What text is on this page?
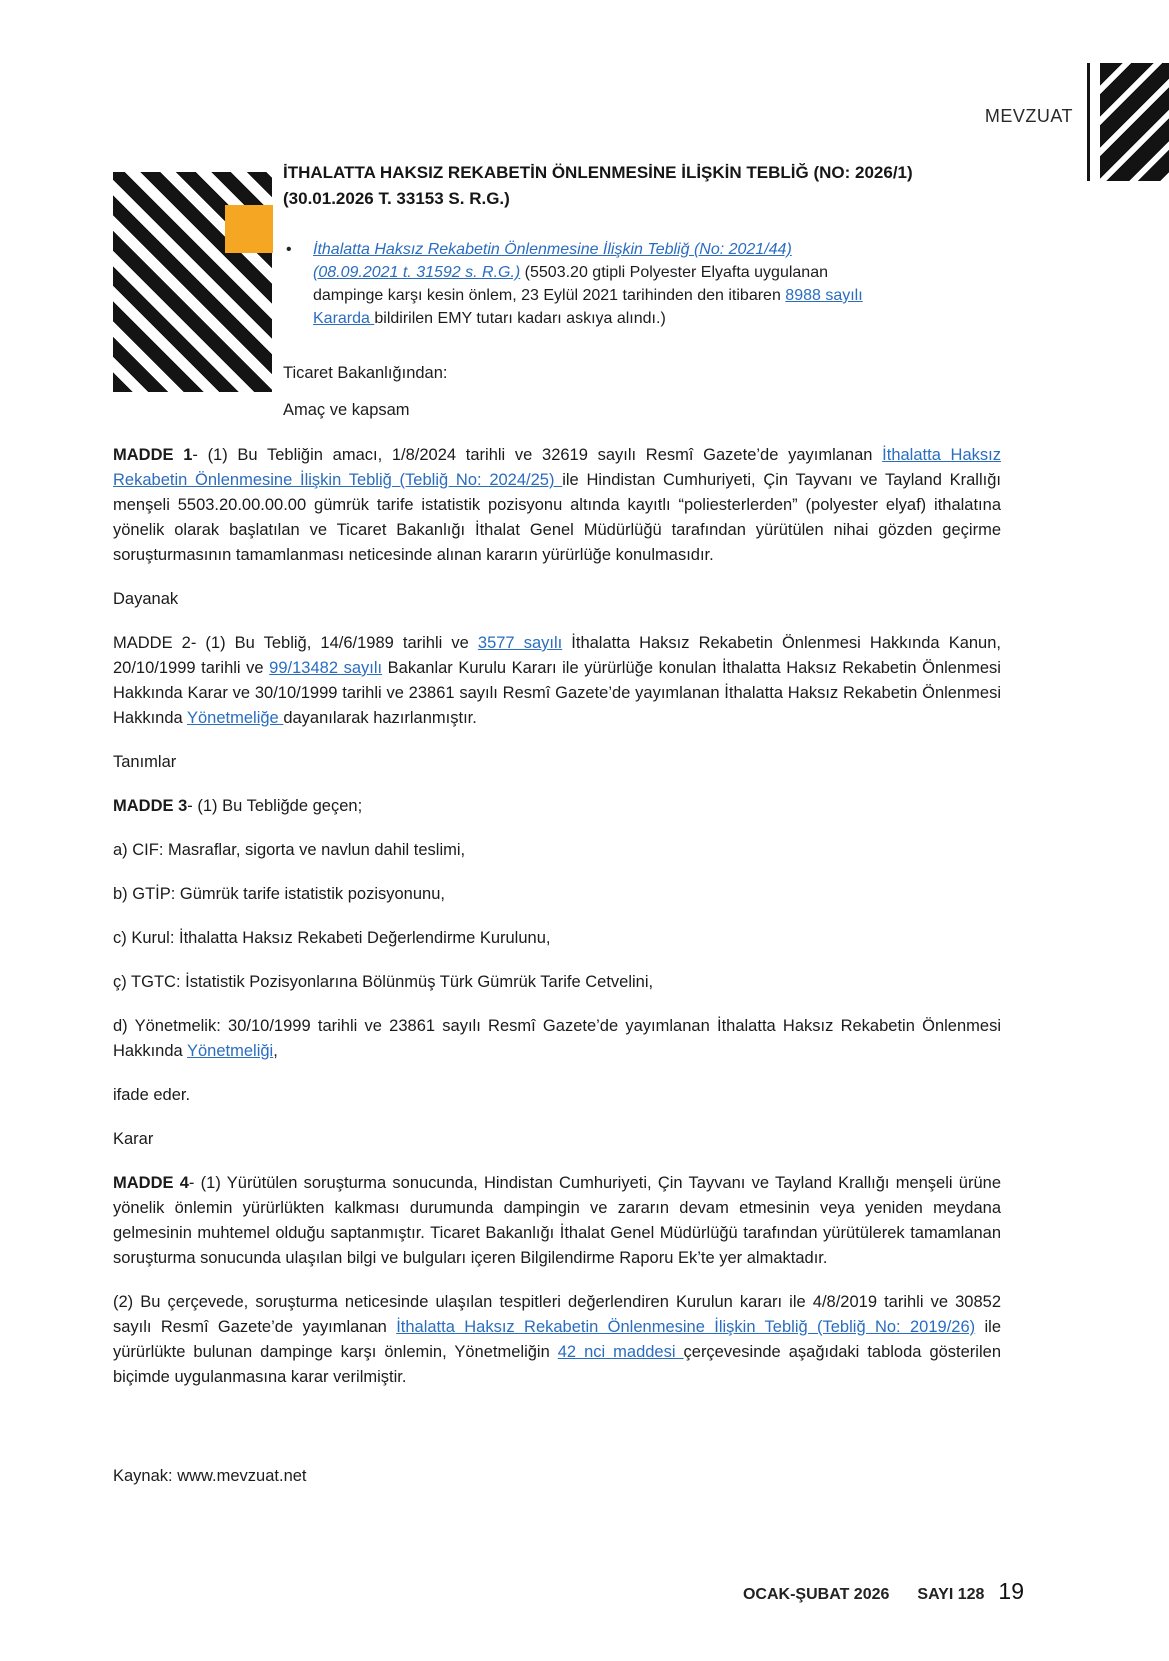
MEVZUAT
İTHALATTA HAKSIZ REKABETİN ÖNLENMESİNE İLİŞKİN TEBLİĞ (NO: 2026/1) (30.01.2026 T. 33153 S. R.G.)
•	İthalatta Haksız Rekabetin Önlenmesine İlişkin Tebliğ (No: 2021/44) (08.09.2021 t. 31592 s. R.G.) (5503.20 gtipli Polyester Elyafta uygulanan dampinge karşı kesin önlem, 23 Eylül 2021 tarihinden den itibaren 8988 sayılı Kararda bildirilen EMY tutarı kadarı askıya alındı.)
Ticaret Bakanlığından:
Amaç ve kapsam

MADDE 1- (1) Bu Tebliğin amacı, 1/8/2024 tarihli ve 32619 sayılı Resmî Gazete’de yayımlanan İthalatta Haksız Rekabetin Önlenmesine İlişkin Tebliğ (Tebliğ No: 2024/25) ile Hindistan Cumhuriyeti, Çin Tayvanı ve Tayland Krallığı menşeli 5503.20.00.00.00 gümrük tarife istatistik pozisyonu altında kayıtlı “poliesterlerden” (polyester elyaf) ithalatına yönelik olarak başlatılan ve Ticaret Bakanlığı İthalat Genel Müdürlüğü tarafından yürütülen nihai gözden geçirme soruşturmasının tamamlanması neticesinde alınan kararın yürürlüğe konulmasıdır.

Dayanak

MADDE 2- (1) Bu Tebliğ, 14/6/1989 tarihli ve 3577 sayılı İthalatta Haksız Rekabetin Önlenmesi Hakkında Kanun, 20/10/1999 tarihli ve 99/13482 sayılı Bakanlar Kurulu Kararı ile yürürlüğe konulan İthalatta Haksız Rekabetin Önlenmesi Hakkında Karar ve 30/10/1999 tarihli ve 23861 sayılı Resmî Gazete’de yayımlanan İthalatta Haksız Rekabetin Önlenmesi Hakkında Yönetmeliğe dayanılarak hazırlanmıştır.

Tanımlar

MADDE 3- (1) Bu Tebliğde geçen;

a) CIF: Masraflar, sigorta ve navlun dahil teslimi,

b) GTİP: Gümrük tarife istatistik pozisyonunu,

c) Kurul: İthalatta Haksız Rekabeti Değerlendirme Kurulunu,

ç) TGTC: İstatistik Pozisyonlarına Bölünmüş Türk Gümrük Tarife Cetvelini,

d) Yönetmelik: 30/10/1999 tarihli ve 23861 sayılı Resmî Gazete’de yayımlanan İthalatta Haksız Rekabetin Önlenmesi Hakkında Yönetmeliği,

ifade eder.

Karar

MADDE 4- (1) Yürütülen soruşturma sonucunda, Hindistan Cumhuriyeti, Çin Tayvanı ve Tayland Krallığı menşeli ürüne yönelik önlemin yürürlükten kalkması durumunda dampingin ve zararın devam etmesinin veya yeniden meydana gelmesinin muhtemel olduğu saptanmıştır. Ticaret Bakanlığı İthalat Genel Müdürlüğü tarafından yürütülerek tamamlanan soruşturma sonucunda ulaşılan bilgi ve bulguları içeren Bilgilendirme Raporu Ek’te yer almaktadır.

(2) Bu çerçevede, soruşturma neticesinde ulaşılan tespitleri değerlendiren Kurulun kararı ile 4/8/2019 tarihli ve 30852 sayılı Resmî Gazete’de yayımlanan İthalatta Haksız Rekabetin Önlenmesine İlişkin Tebliğ (Tebliğ No: 2019/26) ile yürürlükte bulunan dampinge karşı önlemin, Yönetmeliğin 42 nci maddesi çerçevesinde aşağıdaki tabloda gösterilen biçimde uygulanmasına karar verilmiştir.

Kaynak: www.mevzuat.net
OCAK-ŞUBAT 2026 SAYI 128 19
